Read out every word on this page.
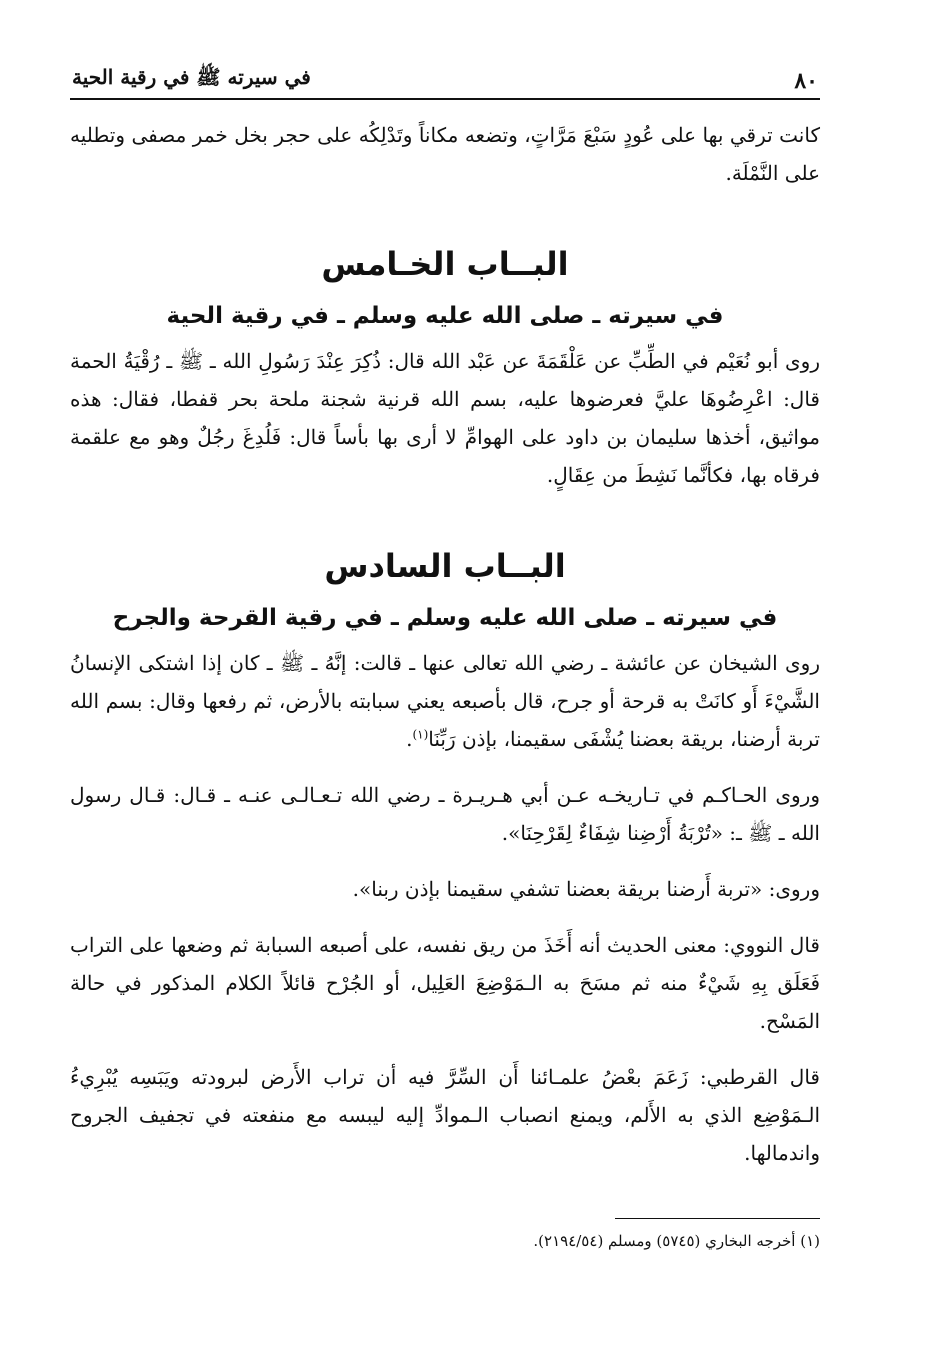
٨٠
في سيرته ﷺ في رقية الحية

كانت ترقي بها على عُودٍ سَبْعَ مَرَّاتٍ، وتضعه مكاناً وتَدْلِكُه على حجر بخل خمر مصفى وتطليه على النَّمْلَة.

البــاب الخـامس
في سيرته ـ صلى الله عليه وسلم ـ في رقية الحية

روى أبو نُعَيْم في الطِّبِّ عن عَلْقَمَةَ عن عَبْد الله قال: ذُكِرَ عِنْدَ رَسُولِ الله ـ ﷺ ـ رُقْيَةُ الحمة قال: اعْرِضُوهَا عليَّ فعرضوها عليه، بسم الله قرنية شجنة ملحة بحر قفطا، فقال: هذه مواثيق، أخذها سليمان بن داود على الهوامِّ لا أرى بها بأساً قال: فَلُدِغَ رجُلٌ وهو مع علقمة فرقاه بها، فكأنَّما نَشِطَ من عِقَالٍ.

البــاب السادس
في سيرته ـ صلى الله عليه وسلم ـ في رقية القرحة والجرح

روى الشيخان عن عائشة ـ رضي الله تعالى عنها ـ قالت: إنَّهُ ـ ﷺ ـ كان إذا اشتكى الإنسانُ الشَّيْءَ أَو كانَتْ به قرحة أو جرح، قال بأصبعه يعني سبابته بالأرض، ثم رفعها وقال: بسم الله تربة أرضنا، بريقة بعضنا يُشْفَى سقيمنا، بإذن رَبِّنَا$^{(١)}$.

وروى الحـاكـم في تـاريخـه عـن أبي هـريـرة ـ رضي الله تـعـالـى عنـه ـ قـال: قـال رسول الله ـ ﷺ ـ: «تُرْبَةُ أَرْضِنا شِفَاءٌ لِقَرْحِنَا».

وروى: «تربة أَرضنا بريقة بعضنا تشفي سقيمنا بإذن ربنا».

قال النووي: معنى الحديث أنه أَخَذَ من ريق نفسه، على أصبعه السبابة ثم وضعها على التراب فَعَلَق بِهِ شَيْءٌ منه ثم مسَحَ به الـمَوْضِعَ العَلِيل، أو الجُرْح قائلاً الكلام المذكور في حالة المَسْح.

قال القرطبي: زَعَمَ بعْضُ علمـائنا أَن السِّرَّ فيه أن تراب الأَرض لبرودته ويَبَسِه يُبْرِيءُ الـمَوْضِع الذي به الأَلم، ويمنع انصباب الـموادِّ إليه ليبسه مع منفعته في تجفيف الجروح واندمالها.

(١) أخرجه البخاري (٥٧٤٥) ومسلم (٢١٩٤/٥٤).
